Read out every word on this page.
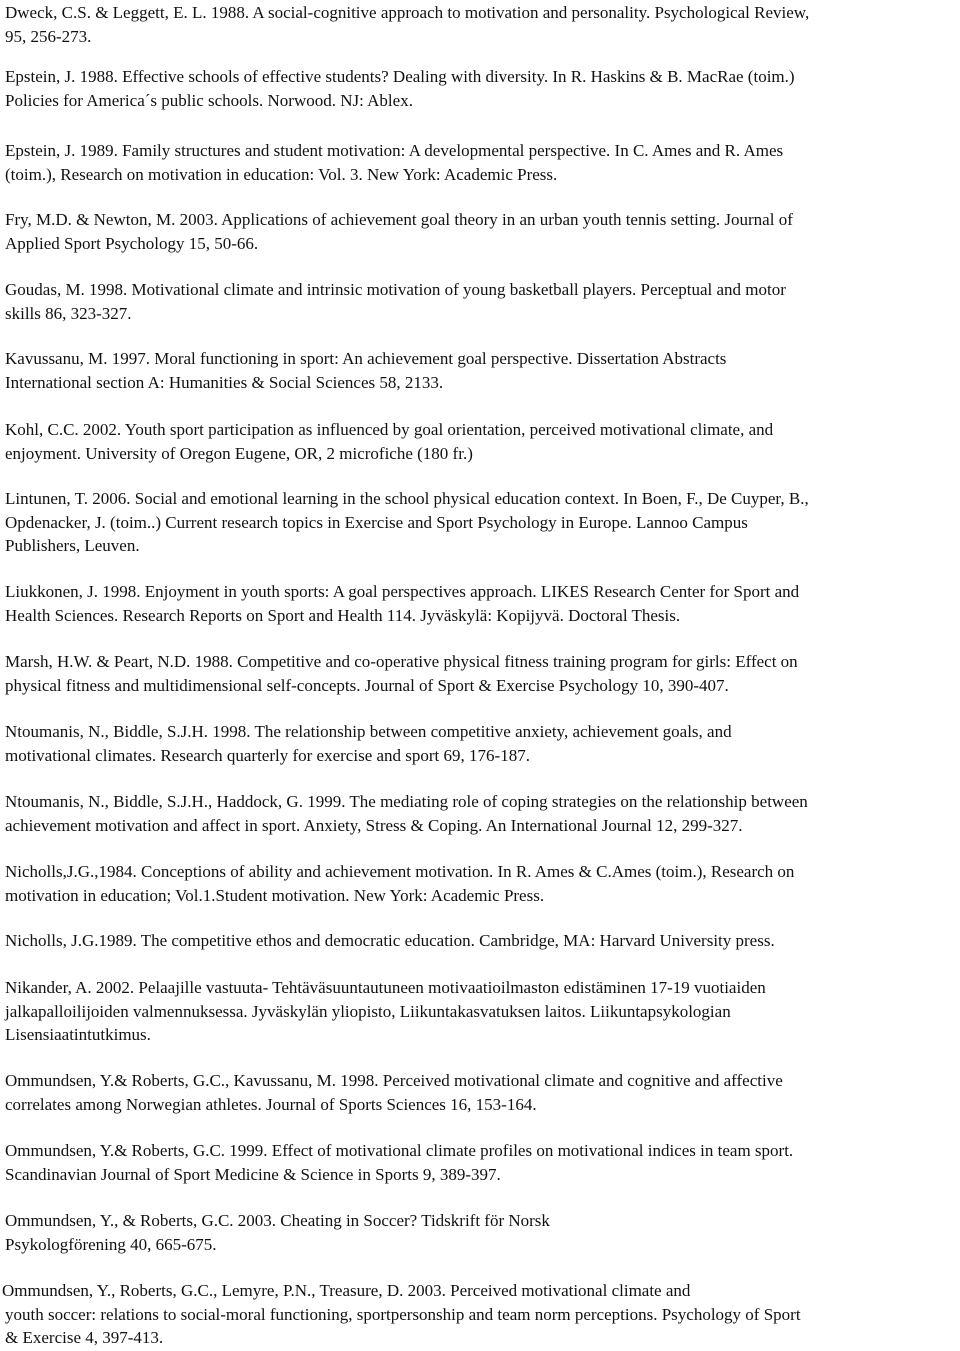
Dweck, C.S. & Leggett, E. L. 1988. A social-cognitive approach to motivation and personality. Psychological Review,
95, 256-273.
Epstein, J. 1988. Effective schools of effective students? Dealing with diversity. In R. Haskins & B. MacRae (toim.)
Policies for America´s public schools. Norwood. NJ: Ablex.
Epstein, J. 1989. Family structures and student motivation: A developmental perspective. In C. Ames and R. Ames
(toim.), Research on motivation in education: Vol. 3. New York: Academic Press.
Fry, M.D. & Newton, M. 2003. Applications of achievement goal theory in an urban youth tennis setting. Journal of
Applied Sport Psychology 15, 50-66.
Goudas, M. 1998. Motivational climate and intrinsic motivation of young basketball players. Perceptual and motor
skills 86, 323-327.
Kavussanu, M. 1997. Moral functioning in sport: An achievement goal perspective. Dissertation Abstracts
International section A: Humanities & Social Sciences 58, 2133.
Kohl, C.C. 2002. Youth sport participation as influenced by goal orientation, perceived motivational climate, and
enjoyment. University of Oregon Eugene, OR, 2 microfiche (180 fr.)
Lintunen, T. 2006. Social and emotional learning in the school physical education context. In Boen, F., De Cuyper, B.,
Opdenacker, J. (toim..) Current research topics in Exercise and Sport Psychology in Europe. Lannoo Campus
Publishers, Leuven.
Liukkonen, J. 1998. Enjoyment in youth sports: A goal perspectives approach. LIKES Research Center for Sport and
Health Sciences. Research Reports on Sport and Health 114. Jyväskylä: Kopijyvä. Doctoral Thesis.
Marsh, H.W. & Peart, N.D. 1988. Competitive and co-operative physical fitness training program for girls: Effect on
physical fitness and multidimensional self-concepts. Journal of Sport & Exercise Psychology 10, 390-407.
Ntoumanis, N., Biddle, S.J.H. 1998. The relationship between competitive anxiety, achievement goals, and
motivational climates. Research quarterly for exercise and sport 69, 176-187.
Ntoumanis, N., Biddle, S.J.H., Haddock, G. 1999. The mediating role of coping strategies on the relationship between
achievement motivation and affect in sport. Anxiety, Stress & Coping. An International Journal 12, 299-327.
Nicholls,J.G.,1984. Conceptions of ability and achievement motivation. In R. Ames & C.Ames (toim.), Research on
motivation in education; Vol.1.Student motivation. New York: Academic Press.
Nicholls, J.G.1989. The competitive ethos and democratic education. Cambridge, MA: Harvard University press.
Nikander, A. 2002. Pelaajille vastuuta- Tehtäväsuuntautuneen motivaatioilmaston edistäminen 17-19 vuotiaiden
jalkapalloilijoiden valmennuksessa. Jyväskylän yliopisto, Liikuntakasvatuksen laitos. Liikuntapsykologian
Lisensiaatintutkimus.
Ommundsen, Y.& Roberts, G.C., Kavussanu, M. 1998. Perceived motivational climate and cognitive and affective
correlates among Norwegian athletes. Journal of Sports Sciences 16, 153-164.
Ommundsen, Y.& Roberts, G.C. 1999. Effect of motivational climate profiles on motivational indices in team sport.
Scandinavian Journal of Sport Medicine & Science in Sports 9, 389-397.
Ommundsen, Y., & Roberts, G.C. 2003. Cheating in Soccer? Tidskrift för Norsk
Psykologförening 40, 665-675.
Ommundsen, Y., Roberts, G.C., Lemyre, P.N., Treasure, D. 2003. Perceived motivational climate and
youth soccer: relations to social-moral functioning, sportpersonship and team norm perceptions. Psychology of Sport
& Exercise 4, 397-413.
